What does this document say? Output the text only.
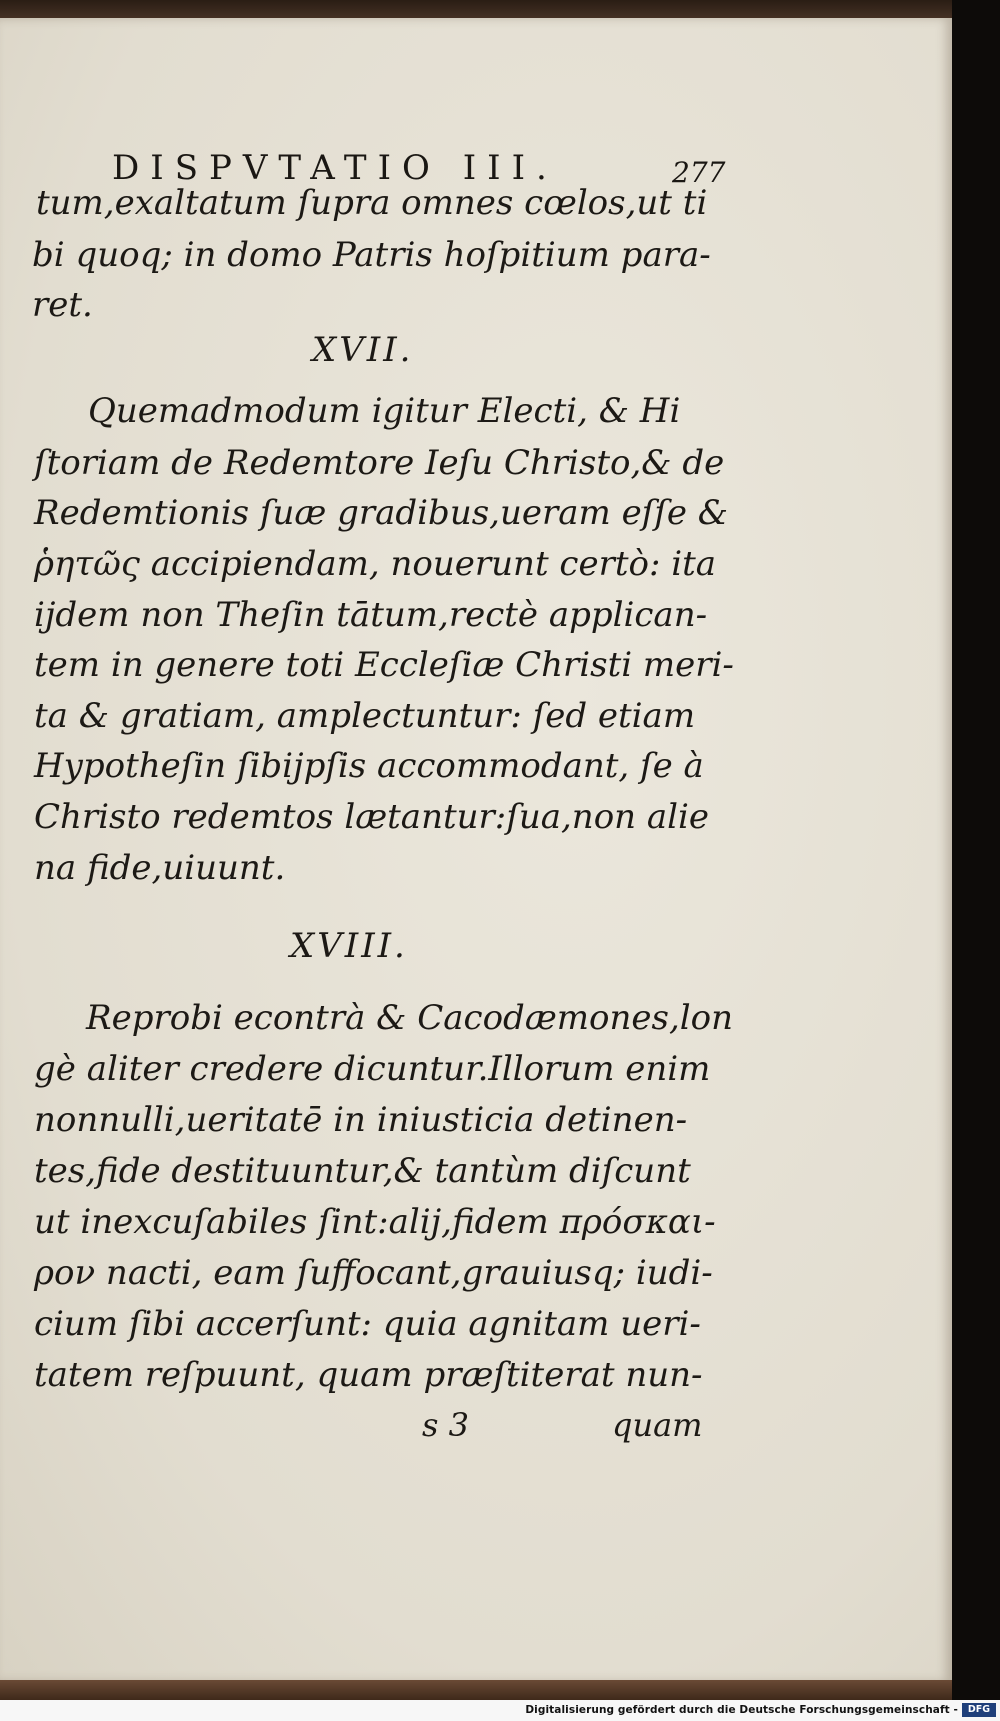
DISPVTATIO III.	277
tum,exaltatum ſupra omnes cœlos,ut ti
bi quoq; in domo Patris hoſpitium para-
ret.
XVII.
Quemadmodum igitur Electi, & Hi
ſtoriam de Redemtore Ieſu Christo,& de
Redemtionis ſuæ gradibus,ueram eſſe &
ῥητῶς accipiendam, nouerunt certò: ita
ijdem non Theſin tātum,rectè applican-
tem in genere toti Eccleſiæ Christi meri-
ta & gratiam, amplectuntur: ſed etiam
Hypotheſin ſibijpſis accommodant, ſe à
Christo redemtos lætantur:ſua,non alie
na fide,uiuunt.
XVIII.
Reprobi econtrà & Cacodæmones,lon
gè aliter credere dicuntur.Illorum enim
nonnulli,ueritatē in iniusticia detinen-
tes,fide destituuntur,& tantùm diſcunt
ut inexcuſabiles ſint:alij,fidem πρόσκαι-
ρον nacti, eam ſuffocant,grauiusq; iudi-
cium ſibi accerſunt: quia agnitam ueri-
tatem reſpuunt, quam præſtiterat nun-
s 3	quam
Digitalisierung gefördert durch die Deutsche Forschungsgemeinschaft -	DFG
